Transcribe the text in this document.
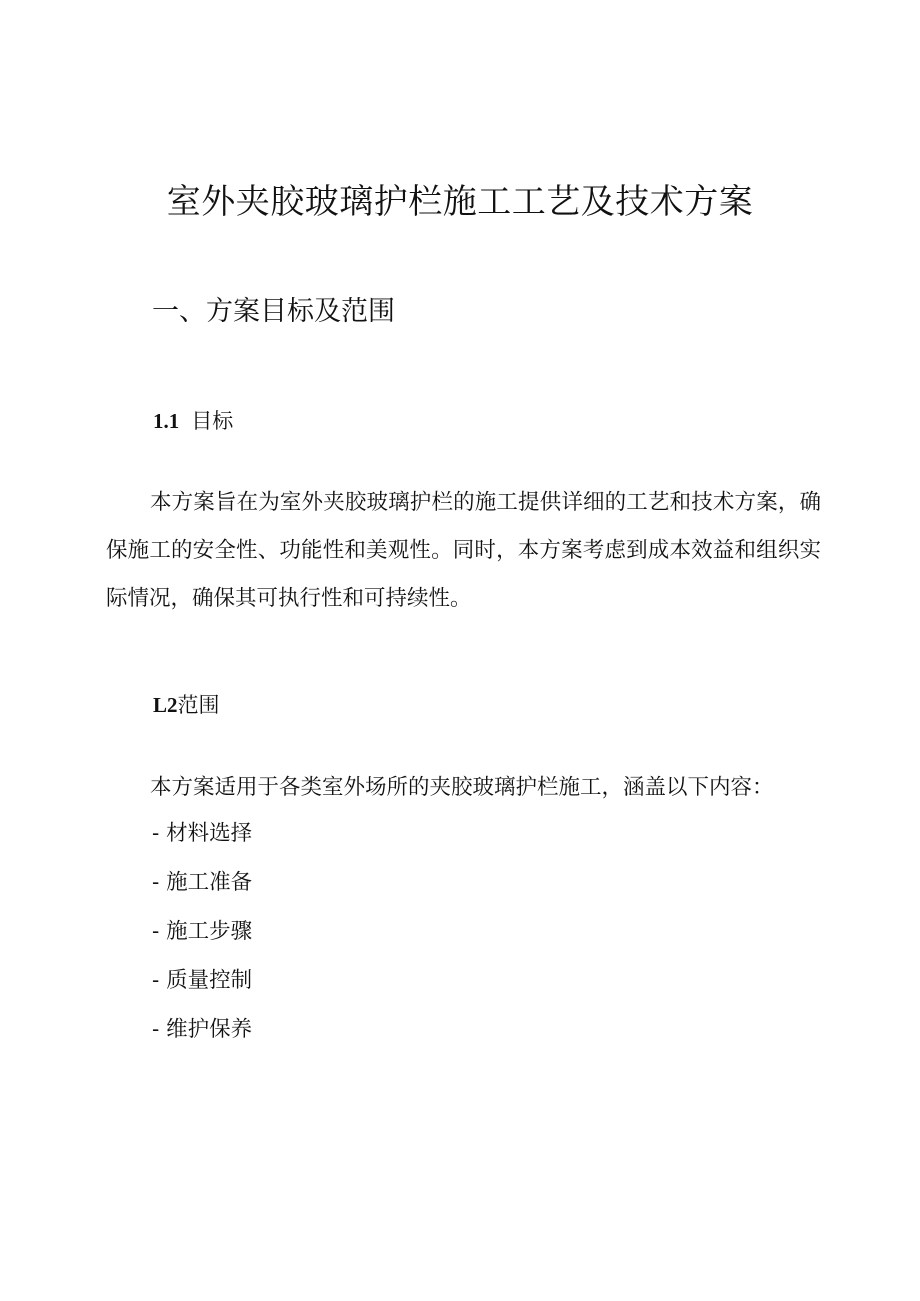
室外夹胶玻璃护栏施工工艺及技术方案
一、方案目标及范围
1.1 目标

本方案旨在为室外夹胶玻璃护栏的施工提供详细的工艺和技术方案，确保施工的安全性、功能性和美观性。同时，本方案考虑到成本效益和组织实际情况，确保其可执行性和可持续性。

L2范围

本方案适用于各类室外场所的夹胶玻璃护栏施工，涵盖以下内容：

- 材料选择
- 施工准备
- 施工步骤
- 质量控制
- 维护保养
